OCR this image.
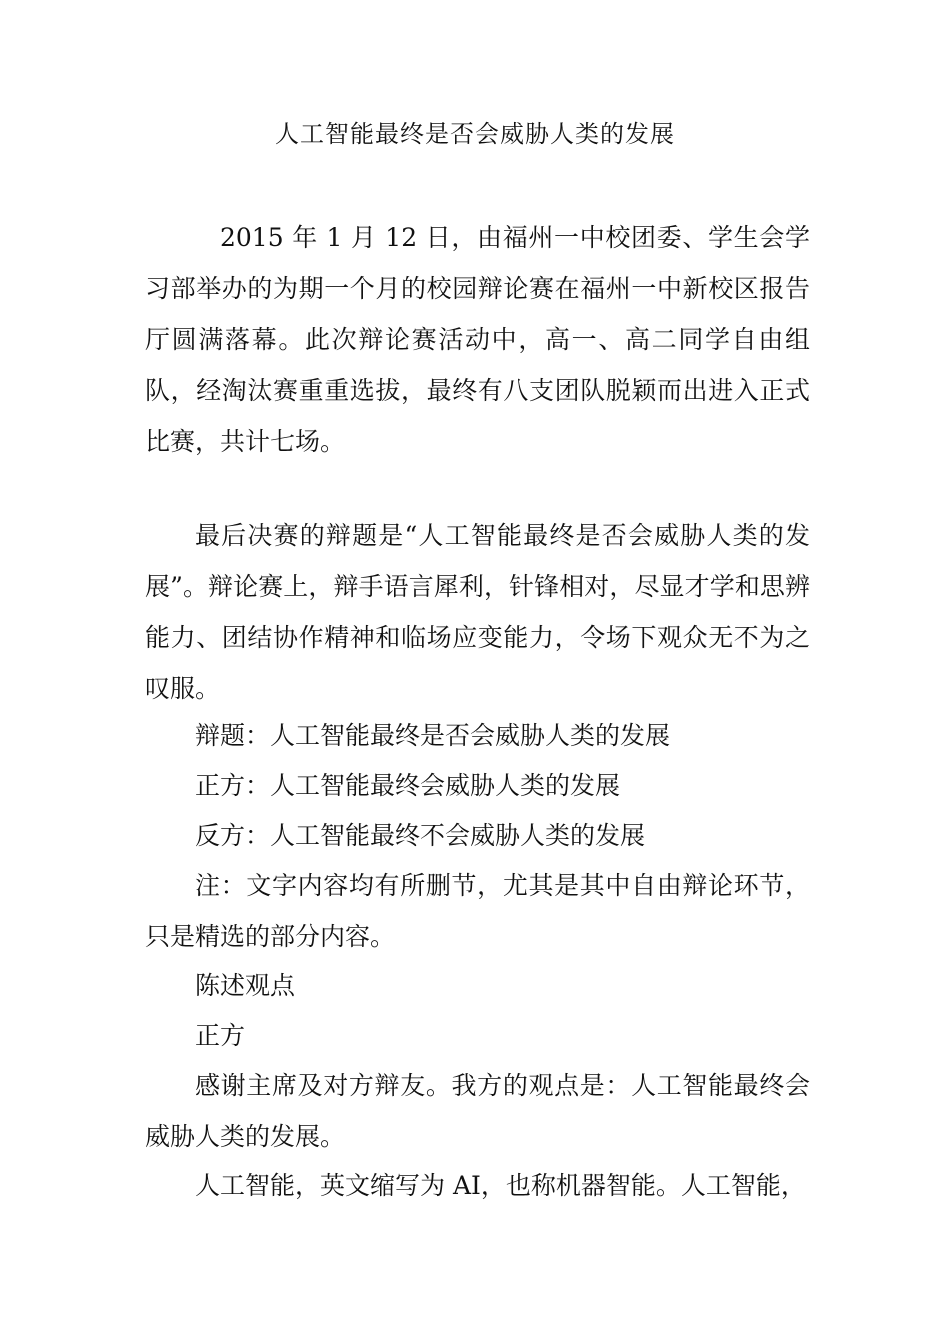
人工智能最终是否会威胁人类的发展

2015 年 1 月 12 日，由福州一中校团委、学生会学习部举办的为期一个月的校园辩论赛在福州一中新校区报告厅圆满落幕。此次辩论赛活动中，高一、高二同学自由组队，经淘汰赛重重选拔，最终有八支团队脱颖而出进入正式比赛，共计七场。

最后决赛的辩题是“人工智能最终是否会威胁人类的发展”。辩论赛上，辩手语言犀利，针锋相对，尽显才学和思辨能力、团结协作精神和临场应变能力，令场下观众无不为之叹服。

辩题：人工智能最终是否会威胁人类的发展

正方：人工智能最终会威胁人类的发展

反方：人工智能最终不会威胁人类的发展

注：文字内容均有所删节，尤其是其中自由辩论环节，只是精选的部分内容。

陈述观点

正方

感谢主席及对方辩友。我方的观点是：人工智能最终会威胁人类的发展。

人工智能，英文缩写为 AI，也称机器智能。人工智能，
